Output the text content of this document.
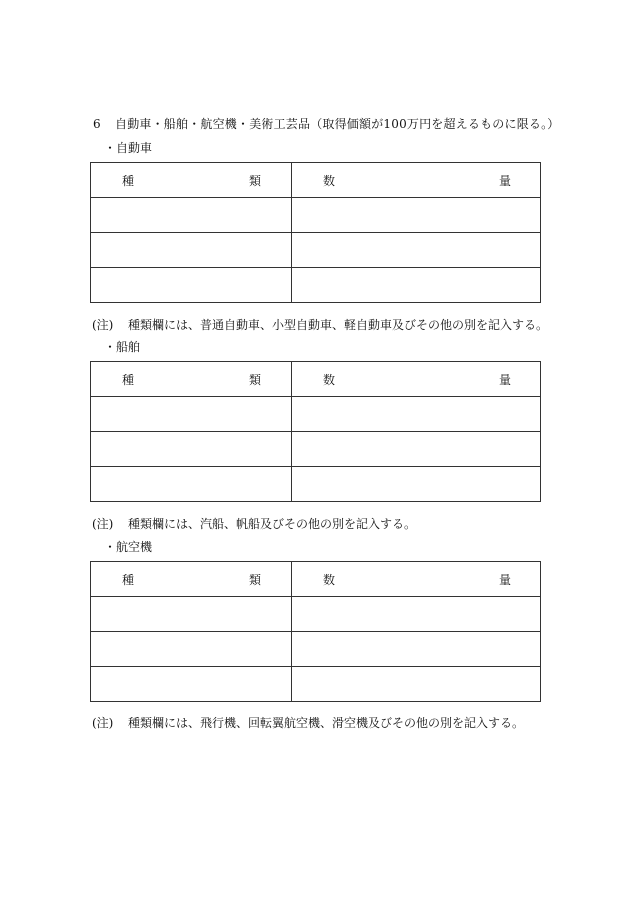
6 自動車・船舶・航空機・美術工芸品（取得価額が100万円を超えるものに限る。）
・自動車
種 類	数 量

(注) 種類欄には、普通自動車、小型自動車、軽自動車及びその他の別を記入する。
・船舶
種 類	数 量

(注) 種類欄には、汽船、帆船及びその他の別を記入する。
・航空機
種 類	数 量

(注) 種類欄には、飛行機、回転翼航空機、滑空機及びその他の別を記入する。
